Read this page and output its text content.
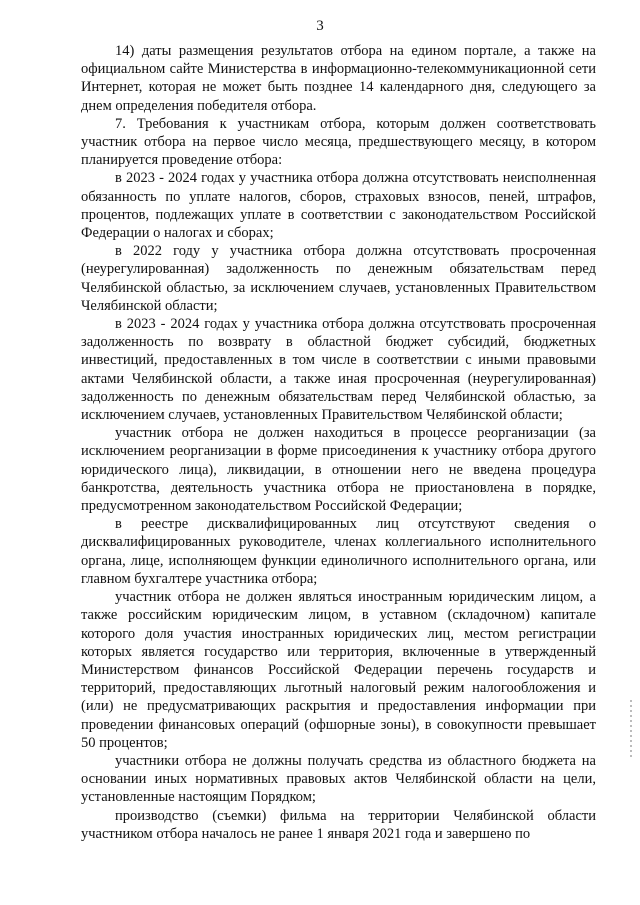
3

14) даты размещения результатов отбора на едином портале, а также на официальном сайте Министерства в информационно-телекоммуникационной сети Интернет, которая не может быть позднее 14 календарного дня, следующего за днем определения победителя отбора.

7. Требования к участникам отбора, которым должен соответствовать участник отбора на первое число месяца, предшествующего месяцу, в котором планируется проведение отбора:

в 2023 - 2024 годах у участника отбора должна отсутствовать неисполненная обязанность по уплате налогов, сборов, страховых взносов, пеней, штрафов, процентов, подлежащих уплате в соответствии с законодательством Российской Федерации о налогах и сборах;

в 2022 году у участника отбора должна отсутствовать просроченная (неурегулированная) задолженность по денежным обязательствам перед Челябинской областью, за исключением случаев, установленных Правительством Челябинской области;

в 2023 - 2024 годах у участника отбора должна отсутствовать просроченная задолженность по возврату в областной бюджет субсидий, бюджетных инвестиций, предоставленных в том числе в соответствии с иными правовыми актами Челябинской области, а также иная просроченная (неурегулированная) задолженность по денежным обязательствам перед Челябинской областью, за исключением случаев, установленных Правительством Челябинской области;

участник отбора не должен находиться в процессе реорганизации (за исключением реорганизации в форме присоединения к участнику отбора другого юридического лица), ликвидации, в отношении него не введена процедура банкротства, деятельность участника отбора не приостановлена в порядке, предусмотренном законодательством Российской Федерации;

в реестре дисквалифицированных лиц отсутствуют сведения о дисквалифицированных руководителе, членах коллегиального исполнительного органа, лице, исполняющем функции единоличного исполнительного органа, или главном бухгалтере участника отбора;

участник отбора не должен являться иностранным юридическим лицом, а также российским юридическим лицом, в уставном (складочном) капитале которого доля участия иностранных юридических лиц, местом регистрации которых является государство или территория, включенные в утвержденный Министерством финансов Российской Федерации перечень государств и территорий, предоставляющих льготный налоговый режим налогообложения и (или) не предусматривающих раскрытия и предоставления информации при проведении финансовых операций (офшорные зоны), в совокупности превышает 50 процентов;

участники отбора не должны получать средства из областного бюджета на основании иных нормативных правовых актов Челябинской области на цели, установленные настоящим Порядком;

производство (съемки) фильма на территории Челябинской области участником отбора началось не ранее 1 января 2021 года и завершено по
